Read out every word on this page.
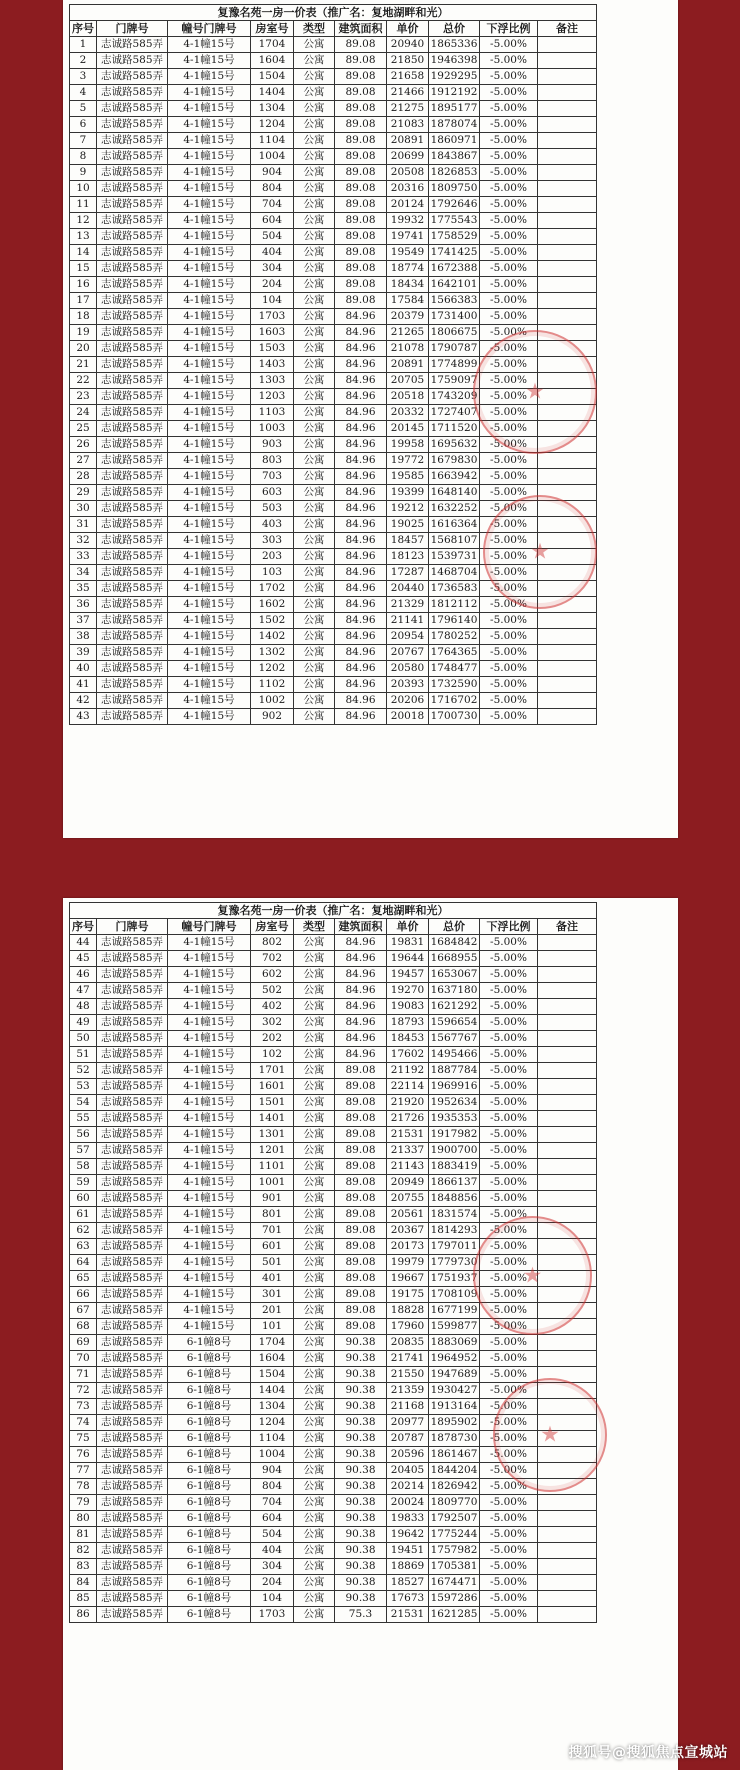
复豫名苑一房一价表（推广名：复地湖畔和光）									
序号	门牌号	幢号门牌号	房室号	类型	建筑面积	单价	总价	下浮比例	备注
1	志诚路585弄	4-1幢15号	1704	公寓	89.08	20940	1865336	-5.00%	
2	志诚路585弄	4-1幢15号	1604	公寓	89.08	21850	1946398	-5.00%	
3	志诚路585弄	4-1幢15号	1504	公寓	89.08	21658	1929295	-5.00%	
4	志诚路585弄	4-1幢15号	1404	公寓	89.08	21466	1912192	-5.00%	
5	志诚路585弄	4-1幢15号	1304	公寓	89.08	21275	1895177	-5.00%	
6	志诚路585弄	4-1幢15号	1204	公寓	89.08	21083	1878074	-5.00%	
7	志诚路585弄	4-1幢15号	1104	公寓	89.08	20891	1860971	-5.00%	
8	志诚路585弄	4-1幢15号	1004	公寓	89.08	20699	1843867	-5.00%	
9	志诚路585弄	4-1幢15号	904	公寓	89.08	20508	1826853	-5.00%	
10	志诚路585弄	4-1幢15号	804	公寓	89.08	20316	1809750	-5.00%	
11	志诚路585弄	4-1幢15号	704	公寓	89.08	20124	1792646	-5.00%	
12	志诚路585弄	4-1幢15号	604	公寓	89.08	19932	1775543	-5.00%	
13	志诚路585弄	4-1幢15号	504	公寓	89.08	19741	1758529	-5.00%	
14	志诚路585弄	4-1幢15号	404	公寓	89.08	19549	1741425	-5.00%	
15	志诚路585弄	4-1幢15号	304	公寓	89.08	18774	1672388	-5.00%	
16	志诚路585弄	4-1幢15号	204	公寓	89.08	18434	1642101	-5.00%	
17	志诚路585弄	4-1幢15号	104	公寓	89.08	17584	1566383	-5.00%	
18	志诚路585弄	4-1幢15号	1703	公寓	84.96	20379	1731400	-5.00%	
19	志诚路585弄	4-1幢15号	1603	公寓	84.96	21265	1806675	-5.00%	
20	志诚路585弄	4-1幢15号	1503	公寓	84.96	21078	1790787	-5.00%	
21	志诚路585弄	4-1幢15号	1403	公寓	84.96	20891	1774899	-5.00%	
22	志诚路585弄	4-1幢15号	1303	公寓	84.96	20705	1759097	-5.00%	
23	志诚路585弄	4-1幢15号	1203	公寓	84.96	20518	1743209	-5.00%	
24	志诚路585弄	4-1幢15号	1103	公寓	84.96	20332	1727407	-5.00%	
25	志诚路585弄	4-1幢15号	1003	公寓	84.96	20145	1711520	-5.00%	
26	志诚路585弄	4-1幢15号	903	公寓	84.96	19958	1695632	-5.00%	
27	志诚路585弄	4-1幢15号	803	公寓	84.96	19772	1679830	-5.00%	
28	志诚路585弄	4-1幢15号	703	公寓	84.96	19585	1663942	-5.00%	
29	志诚路585弄	4-1幢15号	603	公寓	84.96	19399	1648140	-5.00%	
30	志诚路585弄	4-1幢15号	503	公寓	84.96	19212	1632252	-5.00%	
31	志诚路585弄	4-1幢15号	403	公寓	84.96	19025	1616364	-5.00%	
32	志诚路585弄	4-1幢15号	303	公寓	84.96	18457	1568107	-5.00%	
33	志诚路585弄	4-1幢15号	203	公寓	84.96	18123	1539731	-5.00%	
34	志诚路585弄	4-1幢15号	103	公寓	84.96	17287	1468704	-5.00%	
35	志诚路585弄	4-1幢15号	1702	公寓	84.96	20440	1736583	-5.00%	
36	志诚路585弄	4-1幢15号	1602	公寓	84.96	21329	1812112	-5.00%	
37	志诚路585弄	4-1幢15号	1502	公寓	84.96	21141	1796140	-5.00%	
38	志诚路585弄	4-1幢15号	1402	公寓	84.96	20954	1780252	-5.00%	
39	志诚路585弄	4-1幢15号	1302	公寓	84.96	20767	1764365	-5.00%	
40	志诚路585弄	4-1幢15号	1202	公寓	84.96	20580	1748477	-5.00%	
41	志诚路585弄	4-1幢15号	1102	公寓	84.96	20393	1732590	-5.00%	
42	志诚路585弄	4-1幢15号	1002	公寓	84.96	20206	1716702	-5.00%	
43	志诚路585弄	4-1幢15号	902	公寓	84.96	20018	1700730	-5.00%	
★
★
复豫名苑一房一价表（推广名：复地湖畔和光）									
序号	门牌号	幢号门牌号	房室号	类型	建筑面积	单价	总价	下浮比例	备注
44	志诚路585弄	4-1幢15号	802	公寓	84.96	19831	1684842	-5.00%	
45	志诚路585弄	4-1幢15号	702	公寓	84.96	19644	1668955	-5.00%	
46	志诚路585弄	4-1幢15号	602	公寓	84.96	19457	1653067	-5.00%	
47	志诚路585弄	4-1幢15号	502	公寓	84.96	19270	1637180	-5.00%	
48	志诚路585弄	4-1幢15号	402	公寓	84.96	19083	1621292	-5.00%	
49	志诚路585弄	4-1幢15号	302	公寓	84.96	18793	1596654	-5.00%	
50	志诚路585弄	4-1幢15号	202	公寓	84.96	18453	1567767	-5.00%	
51	志诚路585弄	4-1幢15号	102	公寓	84.96	17602	1495466	-5.00%	
52	志诚路585弄	4-1幢15号	1701	公寓	89.08	21192	1887784	-5.00%	
53	志诚路585弄	4-1幢15号	1601	公寓	89.08	22114	1969916	-5.00%	
54	志诚路585弄	4-1幢15号	1501	公寓	89.08	21920	1952634	-5.00%	
55	志诚路585弄	4-1幢15号	1401	公寓	89.08	21726	1935353	-5.00%	
56	志诚路585弄	4-1幢15号	1301	公寓	89.08	21531	1917982	-5.00%	
57	志诚路585弄	4-1幢15号	1201	公寓	89.08	21337	1900700	-5.00%	
58	志诚路585弄	4-1幢15号	1101	公寓	89.08	21143	1883419	-5.00%	
59	志诚路585弄	4-1幢15号	1001	公寓	89.08	20949	1866137	-5.00%	
60	志诚路585弄	4-1幢15号	901	公寓	89.08	20755	1848856	-5.00%	
61	志诚路585弄	4-1幢15号	801	公寓	89.08	20561	1831574	-5.00%	
62	志诚路585弄	4-1幢15号	701	公寓	89.08	20367	1814293	-5.00%	
63	志诚路585弄	4-1幢15号	601	公寓	89.08	20173	1797011	-5.00%	
64	志诚路585弄	4-1幢15号	501	公寓	89.08	19979	1779730	-5.00%	
65	志诚路585弄	4-1幢15号	401	公寓	89.08	19667	1751937	-5.00%	
66	志诚路585弄	4-1幢15号	301	公寓	89.08	19175	1708109	-5.00%	
67	志诚路585弄	4-1幢15号	201	公寓	89.08	18828	1677199	-5.00%	
68	志诚路585弄	4-1幢15号	101	公寓	89.08	17960	1599877	-5.00%	
69	志诚路585弄	6-1幢8号	1704	公寓	90.38	20835	1883069	-5.00%	
70	志诚路585弄	6-1幢8号	1604	公寓	90.38	21741	1964952	-5.00%	
71	志诚路585弄	6-1幢8号	1504	公寓	90.38	21550	1947689	-5.00%	
72	志诚路585弄	6-1幢8号	1404	公寓	90.38	21359	1930427	-5.00%	
73	志诚路585弄	6-1幢8号	1304	公寓	90.38	21168	1913164	-5.00%	
74	志诚路585弄	6-1幢8号	1204	公寓	90.38	20977	1895902	-5.00%	
75	志诚路585弄	6-1幢8号	1104	公寓	90.38	20787	1878730	-5.00%	
76	志诚路585弄	6-1幢8号	1004	公寓	90.38	20596	1861467	-5.00%	
77	志诚路585弄	6-1幢8号	904	公寓	90.38	20405	1844204	-5.00%	
78	志诚路585弄	6-1幢8号	804	公寓	90.38	20214	1826942	-5.00%	
79	志诚路585弄	6-1幢8号	704	公寓	90.38	20024	1809770	-5.00%	
80	志诚路585弄	6-1幢8号	604	公寓	90.38	19833	1792507	-5.00%	
81	志诚路585弄	6-1幢8号	504	公寓	90.38	19642	1775244	-5.00%	
82	志诚路585弄	6-1幢8号	404	公寓	90.38	19451	1757982	-5.00%	
83	志诚路585弄	6-1幢8号	304	公寓	90.38	18869	1705381	-5.00%	
84	志诚路585弄	6-1幢8号	204	公寓	90.38	18527	1674471	-5.00%	
85	志诚路585弄	6-1幢8号	104	公寓	90.38	17673	1597286	-5.00%	
86	志诚路585弄	6-1幢8号	1703	公寓	75.3	21531	1621285	-5.00%	
★
★
搜狐号@搜狐焦点宣城站
